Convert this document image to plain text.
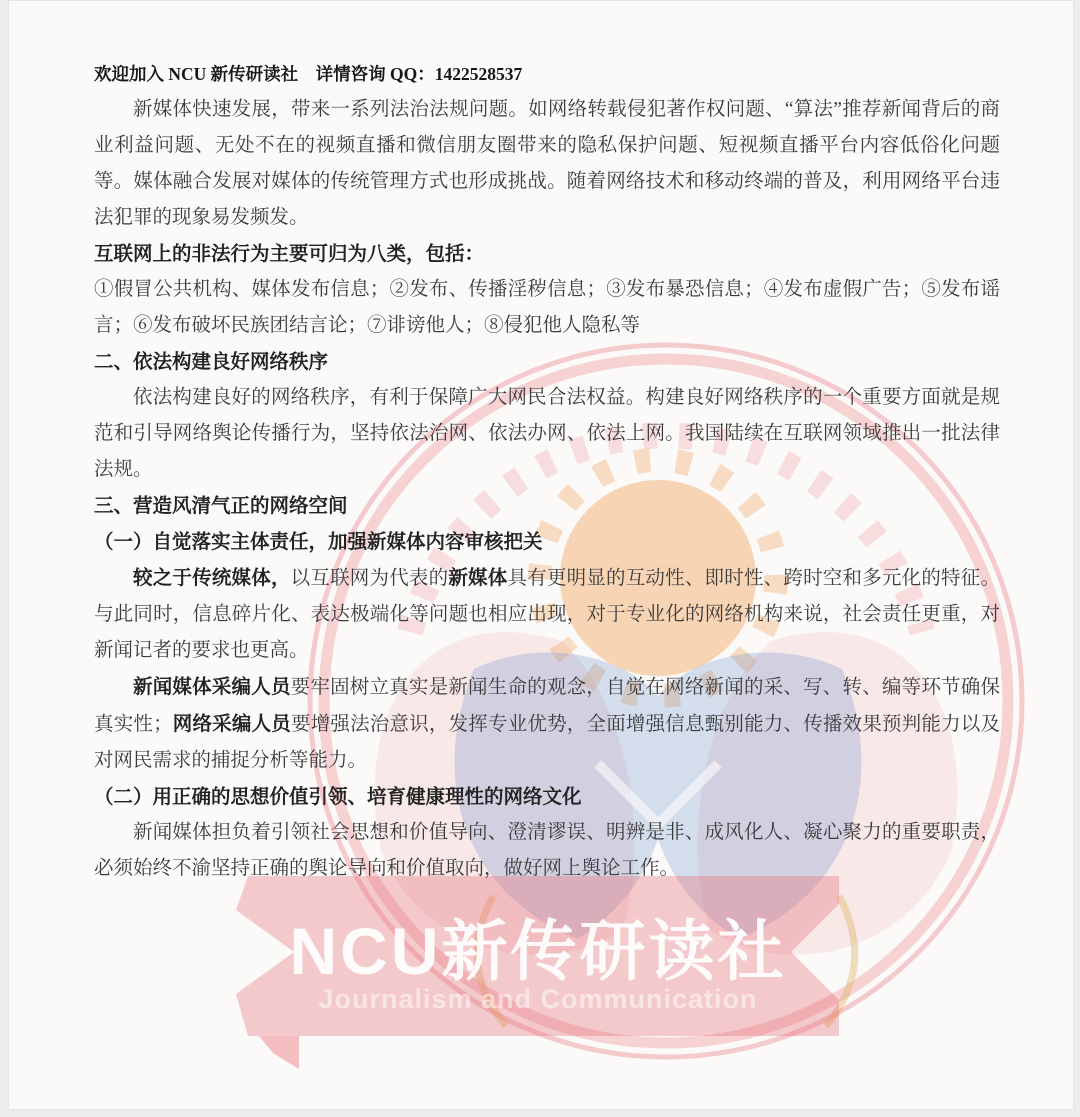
NCU新传研读社
Journalism and Communication
欢迎加入 NCU 新传研读社　详情咨询 QQ：1422528537

新媒体快速发展，带来一系列法治法规问题。如网络转载侵犯著作权问题、“算法”推荐新闻背后的商业利益问题、无处不在的视频直播和微信朋友圈带来的隐私保护问题、短视频直播平台内容低俗化问题等。媒体融合发展对媒体的传统管理方式也形成挑战。随着网络技术和移动终端的普及，利用网络平台违法犯罪的现象易发频发。

互联网上的非法行为主要可归为八类，包括：

①假冒公共机构、媒体发布信息；②发布、传播淫秽信息；③发布暴恐信息；④发布虚假广告；⑤发布谣言；⑥发布破坏民族团结言论；⑦诽谤他人；⑧侵犯他人隐私等

二、依法构建良好网络秩序

依法构建良好的网络秩序，有利于保障广大网民合法权益。构建良好网络秩序的一个重要方面就是规范和引导网络舆论传播行为，坚持依法治网、依法办网、依法上网。我国陆续在互联网领域推出一批法律法规。

三、营造风清气正的网络空间

（一）自觉落实主体责任，加强新媒体内容审核把关

较之于传统媒体，以互联网为代表的新媒体具有更明显的互动性、即时性、跨时空和多元化的特征。与此同时，信息碎片化、表达极端化等问题也相应出现，对于专业化的网络机构来说，社会责任更重，对新闻记者的要求也更高。

新闻媒体采编人员要牢固树立真实是新闻生命的观念，自觉在网络新闻的采、写、转、编等环节确保真实性；网络采编人员要增强法治意识，发挥专业优势，全面增强信息甄别能力、传播效果预判能力以及对网民需求的捕捉分析等能力。

（二）用正确的思想价值引领、培育健康理性的网络文化

新闻媒体担负着引领社会思想和价值导向、澄清谬误、明辨是非、成风化人、凝心聚力的重要职责，必须始终不渝坚持正确的舆论导向和价值取向，做好网上舆论工作。
